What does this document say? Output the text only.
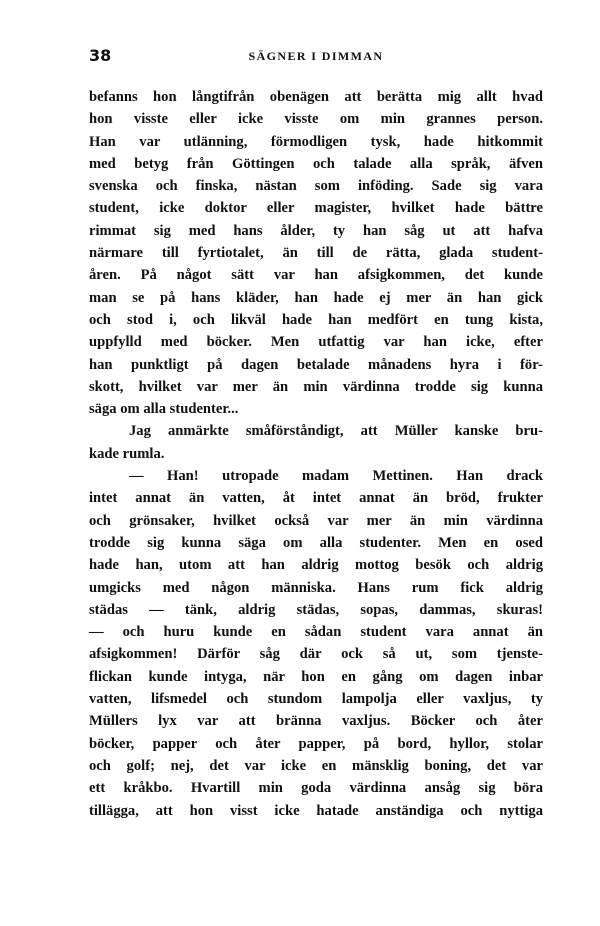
38	SÄGNER I DIMMAN
befanns hon långtifrån obenägen att berätta mig allt hvad
hon visste eller icke visste om min grannes person.
Han var utlänning, förmodligen tysk, hade hitkommit
med betyg från Göttingen och talade alla språk, äfven
svenska och finska, nästan som inföding. Sade sig vara
student, icke doktor eller magister, hvilket hade bättre
rimmat sig med hans ålder, ty han såg ut att hafva
närmare till fyrtiotalet, än till de rätta, glada student-
åren. På något sätt var han afsigkommen, det kunde
man se på hans kläder, han hade ej mer än han gick
och stod i, och likväl hade han medfört en tung kista,
uppfylld med böcker. Men utfattig var han icke, efter
han punktligt på dagen betalade månadens hyra i för-
skott, hvilket var mer än min värdinna trodde sig kunna
säga om alla studenter...
Jag anmärkte småförståndigt, att Müller kanske bru-
kade rumla.
— Han! utropade madam Mettinen. Han drack
intet annat än vatten, åt intet annat än bröd, frukter
och grönsaker, hvilket också var mer än min värdinna
trodde sig kunna säga om alla studenter. Men en osed
hade han, utom att han aldrig mottog besök och aldrig
umgicks med någon människa. Hans rum fick aldrig
städas — tänk, aldrig städas, sopas, dammas, skuras!
— och huru kunde en sådan student vara annat än
afsigkommen! Därför såg där ock så ut, som tjenste-
flickan kunde intyga, när hon en gång om dagen inbar
vatten, lifsmedel och stundom lampolja eller vaxljus, ty
Müllers lyx var att bränna vaxljus. Böcker och åter
böcker, papper och åter papper, på bord, hyllor, stolar
och golf; nej, det var icke en mänsklig boning, det var
ett kråkbo. Hvartill min goda värdinna ansåg sig böra
tillägga, att hon visst icke hatade anständiga och nyttiga
